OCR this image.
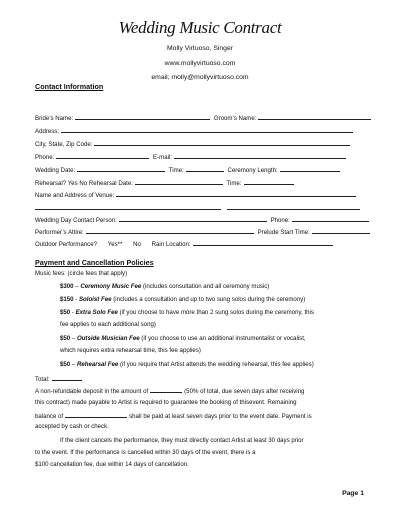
Wedding Music Contract
Molly Virtuoso, Singer
www.mollyvirtuoso.com
email; molly@mollyvirtuoso.com
Contact Information
Bride’s Name:	Groom’s Name:
Address:
City, State, Zip Code:
Phone:	E-mail:
Wedding Date:	Time:	Ceremony Length:
Rehearsal? Yes No Rehearsal Date:	Time:
Name and Address of Venue:

Wedding Day Contact Person:	Phone:
Performer’s Attire:	Prelude Start Time:
Outdoor Performance? Yes** No Rain Location:
Payment and Cancellation Policies
Music fees: (circle fees that apply)
$300 – Ceremony Music Fee (includes consultation and all ceremony music)
$150 - Soloist Fee (includes a consultation and up to two sung solos during the ceremony)
$50 - Extra Solo Fee (if you choose to have more than 2 sung solos during the ceremony, this
fee applies to each additional song)
$50 – Outside Musician Fee (if you choose to use an additional instrumentalist or vocalist,
which requires extra rehearsal time, this fee applies)
$50 – Rehearsal Fee (if you require that Artist attends the wedding rehearsal, this fee applies)
Total:
A non-refundable deposit in the amount of	(50% of total, due seven days after receiving
this contract) made payable to Artist is required to guarantee the booking of thisevent. Remaining
balance of	shall be paid at least seven days prior to the event date. Payment is
accepted by cash or check.
If the client cancels the performance, they must directly contact Artist at least 30 days prior
to the event. If the performance is cancelled within 30 days of the event, there is a
$100 cancellation fee, due within 14 days of cancellation.
Page 1
